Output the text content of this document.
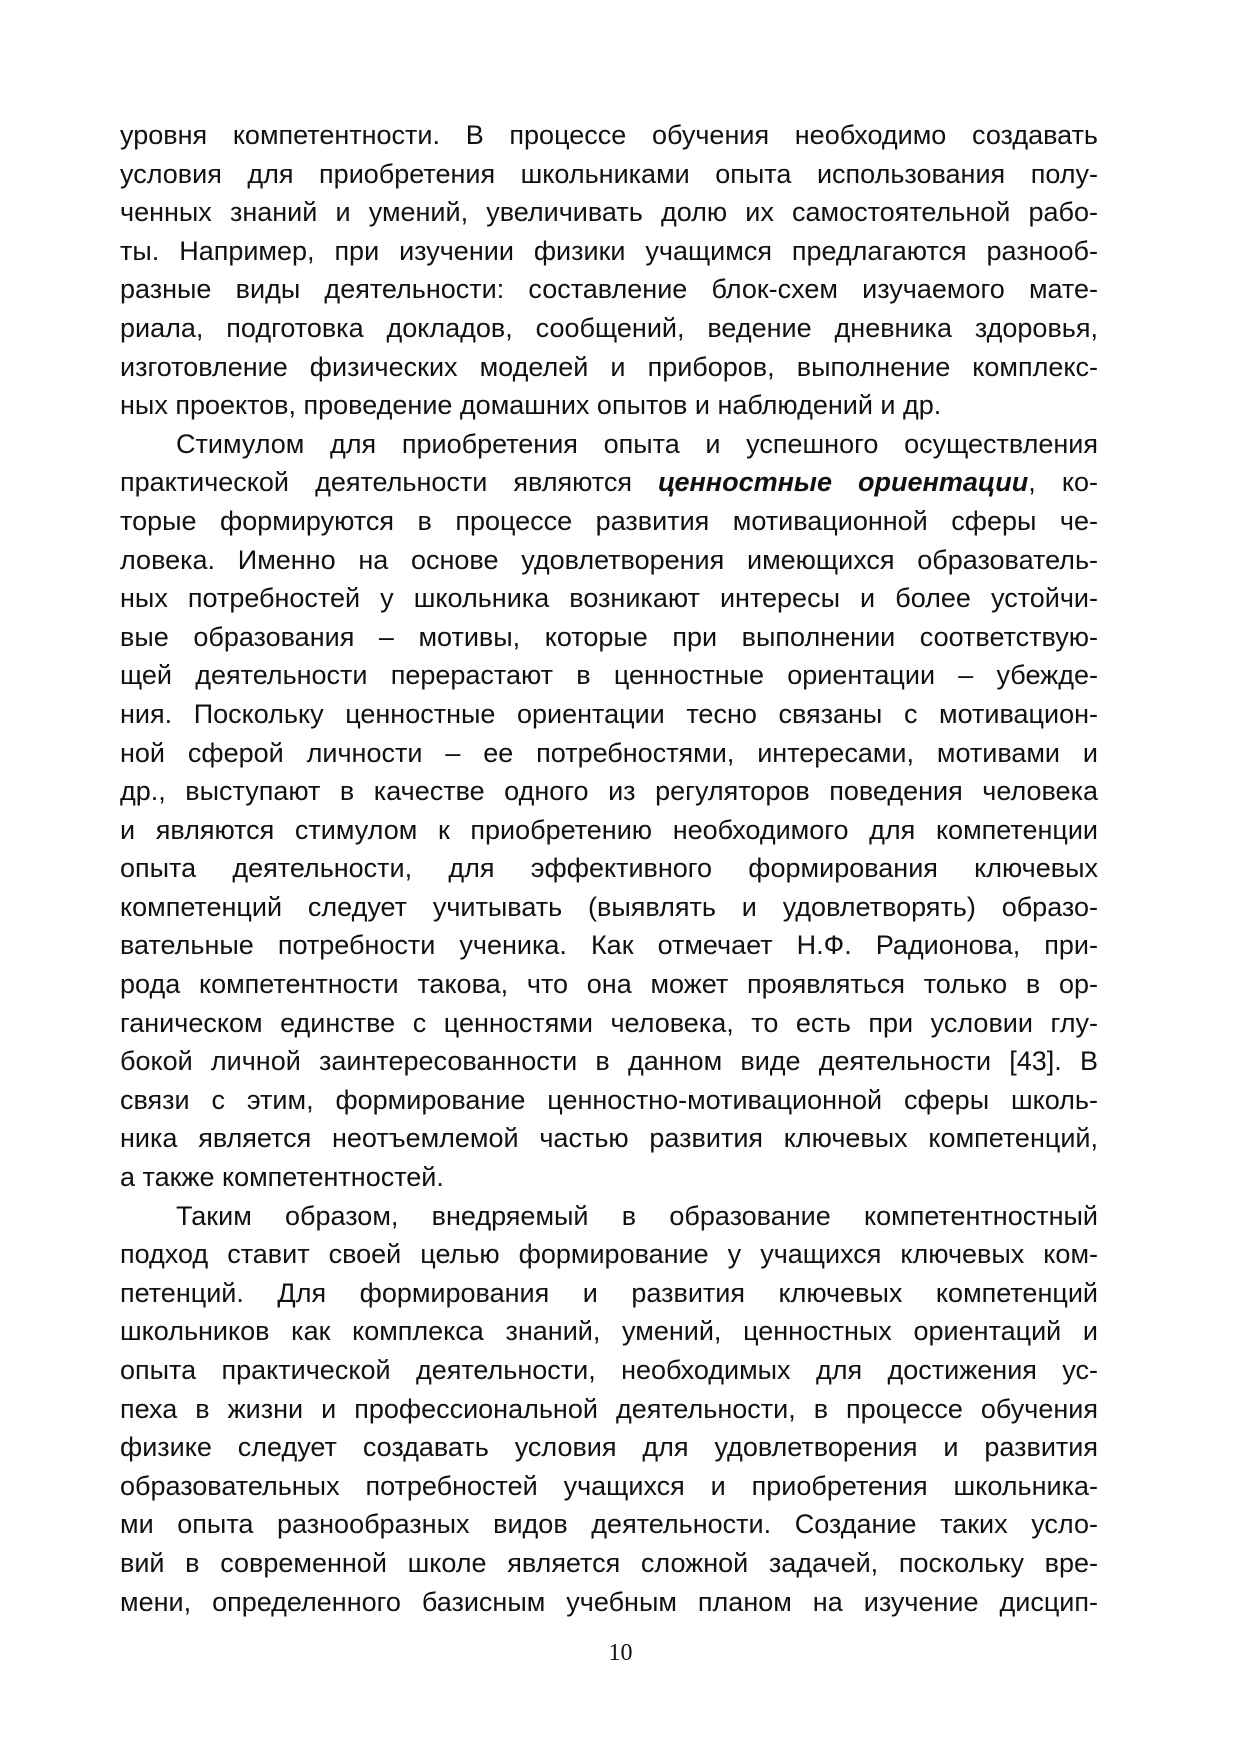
уровня компетентности. В процессе обучения необходимо создавать
условия для приобретения школьниками опыта использования полу-
ченных знаний и умений, увеличивать долю их самостоятельной рабо-
ты. Например, при изучении физики учащимся предлагаются разнооб-
разные виды деятельности: составление блок-схем изучаемого мате-
риала, подготовка докладов, сообщений, ведение дневника здоровья,
изготовление физических моделей и приборов, выполнение комплекс-
ных проектов, проведение домашних опытов и наблюдений и др.
Стимулом для приобретения опыта и успешного осуществления
практической деятельности являются ценностные ориентации, ко-
торые формируются в процессе развития мотивационной сферы че-
ловека. Именно на основе удовлетворения имеющихся образователь-
ных потребностей у школьника возникают интересы и более устойчи-
вые образования – мотивы, которые при выполнении соответствую-
щей деятельности перерастают в ценностные ориентации – убежде-
ния. Поскольку ценностные ориентации тесно связаны с мотивацион-
ной сферой личности – ее потребностями, интересами, мотивами и
др., выступают в качестве одного из регуляторов поведения человека
и являются стимулом к приобретению необходимого для компетенции
опыта деятельности, для эффективного формирования ключевых
компетенций следует учитывать (выявлять и удовлетворять) образо-
вательные потребности ученика. Как отмечает Н.Ф. Радионова, при-
рода компетентности такова, что она может проявляться только в ор-
ганическом единстве с ценностями человека, то есть при условии глу-
бокой личной заинтересованности в данном виде деятельности [43]. В
связи с этим, формирование ценностно-мотивационной сферы школь-
ника является неотъемлемой частью развития ключевых компетенций,
а также компетентностей.
Таким образом, внедряемый в образование компетентностный
подход ставит своей целью формирование у учащихся ключевых ком-
петенций. Для формирования и развития ключевых компетенций
школьников как комплекса знаний, умений, ценностных ориентаций и
опыта практической деятельности, необходимых для достижения ус-
пеха в жизни и профессиональной деятельности, в процессе обучения
физике следует создавать условия для удовлетворения и развития
образовательных потребностей учащихся и приобретения школьника-
ми опыта разнообразных видов деятельности. Создание таких усло-
вий в современной школе является сложной задачей, поскольку вре-
мени, определенного базисным учебным планом на изучение дисцип-
10
